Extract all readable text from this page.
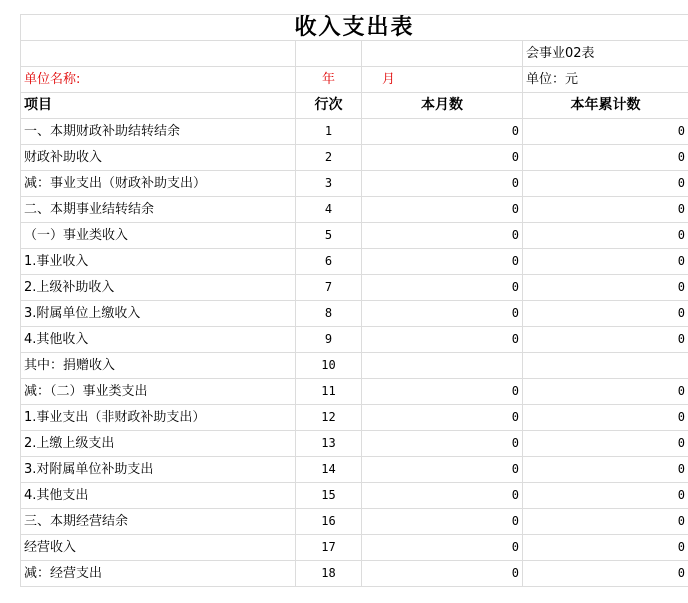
收入支出表			
			会事业02表
单位名称:	年	月	单位：元
项目	行次	本月数	本年累计数
一、本期财政补助结转结余	1	0	0
财政补助收入	2	0	0
减：事业支出（财政补助支出）	3	0	0
二、本期事业结转结余	4	0	0
（一）事业类收入	5	0	0
1.事业收入	6	0	0
2.上级补助收入	7	0	0
3.附属单位上缴收入	8	0	0
4.其他收入	9	0	0
其中：捐赠收入	10		
减：（二）事业类支出	11	0	0
1.事业支出（非财政补助支出）	12	0	0
2.上缴上级支出	13	0	0
3.对附属单位补助支出	14	0	0
4.其他支出	15	0	0
三、本期经营结余	16	0	0
经营收入	17	0	0
减：经营支出	18	0	0
